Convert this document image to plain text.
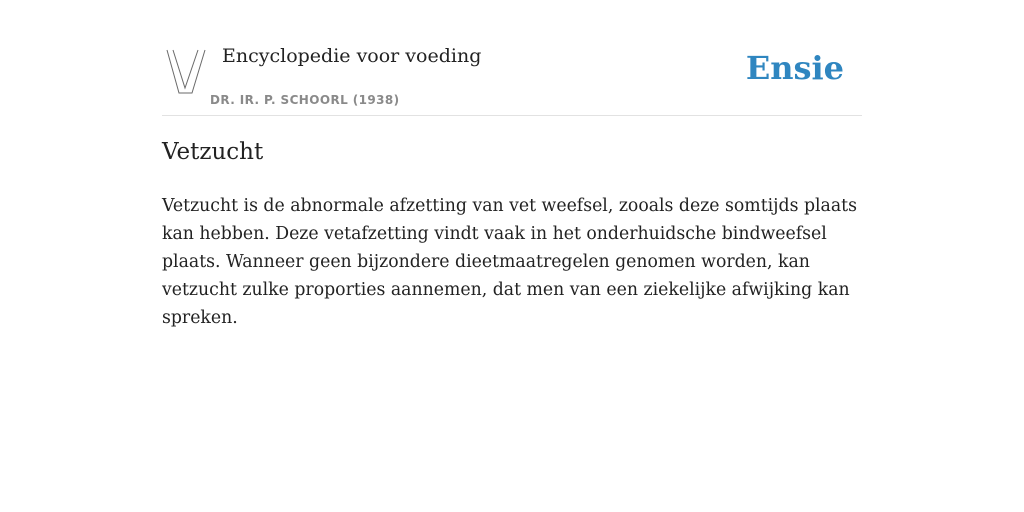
Encyclopedie voor voeding
DR. IR. P. SCHOORL (1938)
Ensie
Vetzucht

Vetzucht is de abnormale afzetting van vet weefsel, zooals deze somtijds plaats kan hebben. Deze vetafzetting vindt vaak in het onderhuidsche bindweefsel plaats. Wanneer geen bijzondere dieetmaatregelen genomen worden, kan vetzucht zulke proporties aannemen, dat men van een ziekelijke afwijking kan spreken.
